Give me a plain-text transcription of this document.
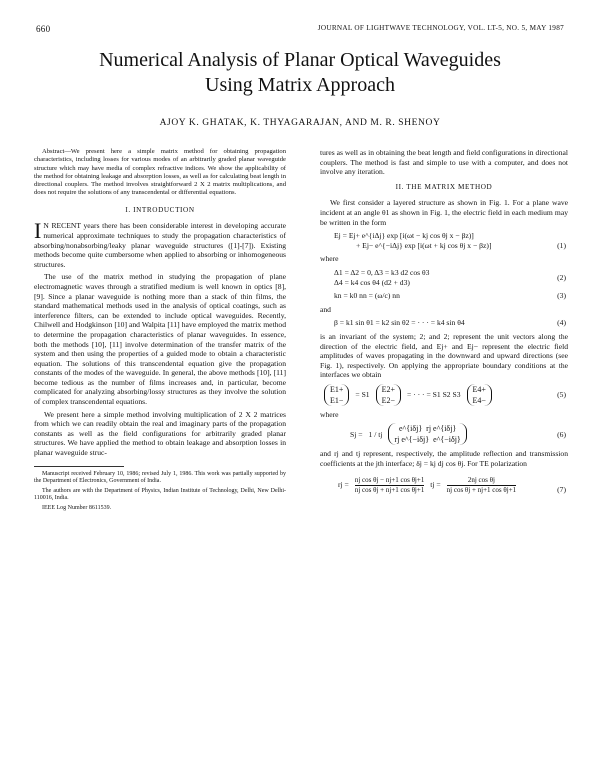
660	JOURNAL OF LIGHTWAVE TECHNOLOGY, VOL. LT-5, NO. 5, MAY 1987
Numerical Analysis of Planar Optical Waveguides
Using Matrix Approach
AJOY K. GHATAK, K. THYAGARAJAN, AND M. R. SHENOY

Abstract—We present here a simple matrix method for obtaining propagation characteristics, including losses for various modes of an arbitrarily graded planar waveguide structure which may have media of complex refractive indices. We show the applicability of the method for obtaining leakage and absorption losses, as well as for calculating beat length in directional couplers. The method involves straightforward 2 X 2 matrix multiplications, and does not require the solutions of any transcendental or differential equations.

I. INTRODUCTION

I N RECENT years there has been considerable interest in developing accurate numerical approximate techniques to study the propagation characteristics of absorbing/nonabsorbing/leaky planar waveguide structures ([1]-[7]). Existing methods become quite cumbersome when applied to absorbing or inhomogeneous structures.

The use of the matrix method in studying the propagation of plane electromagnetic waves through a stratified medium is well known in optics [8], [9]. Since a planar waveguide is nothing more than a stack of thin films, the standard mathematical methods used in the analysis of optical coatings, such as interference filters, can be extended to include optical waveguides. Recently, Chilwell and Hodgkinson [10] and Walpita [11] have employed the matrix method to determine the propagation characteristics of planar waveguides. In essence, both the methods [10], [11] involve determination of the transfer matrix of the system and then using the properties of a guided mode to obtain a characteristic equation. The solutions of this transcendental equation give the propagation constants of the modes of the waveguide. In general, the above methods [10], [11] become tedious as the number of films increases and, in particular, become complicated for analyzing absorbing/lossy structures as they involve the solution of complex transcendental equations.

We present here a simple method involving multiplication of 2 X 2 matrices from which we can readily obtain the real and imaginary parts of the propagation constants as well as the field configurations for arbitrarily graded planar structures. We have applied the method to obtain leakage and absorption losses in planar waveguide struc-

Manuscript received February 10, 1986; revised July 1, 1986. This work was partially supported by the Department of Electronics, Government of India.

The authors are with the Department of Physics, Indian Institute of Technology, Delhi, New Delhi-110016, India.

IEEE Log Number 8611539.

tures as well as in obtaining the beat length and field configurations in directional couplers. The method is fast and simple to use with a computer, and does not involve any iteration.

II. THE MATRIX METHOD

We first consider a layered structure as shown in Fig. 1. For a plane wave incident at an angle θ1 as shown in Fig. 1, the electric field in each medium may be written in the form

Ej = Ej+ e^{iΔj} exp [i(ωt − kj cos θj x − βz)]
+ Ej− e^{−iΔj} exp [i(ωt + kj cos θj x − βz)]	(1)

where

Δ1 = Δ2 = 0, Δ3 = k3 d2 cos θ3
Δ4 = k4 cos θ4 (d2 + d3)
(2)
kn = k0 nn = (ω/c) nn	(3)

and

β = k1 sin θ1 = k2 sin θ2 = · · · = k4 sin θ4	(4)

is an invariant of the system; 2; and 2; represent the unit vectors along the direction of the electric field, and Ej+ and Ej− represent the electric field amplitudes of waves propagating in the downward and upward directions (see Fig. 1), respectively. On applying the appropriate boundary conditions at the interfaces we obtain

E1+
E1−
= S1
E2+
E2−
= · · · = S1 S2 S3
E4+
E4−
(5)

where

Sj = 1 / tj
e^{iδj} rj e^{iδj}
rj e^{−iδj} e^{−iδj}
(6)

and rj and tj represent, respectively, the amplitude reflection and transmission coefficients at the jth interface; δj = kj dj cos θj. For TE polarization

rj = $\frac{\text{nj cos θj − nj+1 cos θj+1}}{\text{nj cos θj + nj+1 cos θj+1}}$
tj = $\frac{\text{2nj cos θj}}{\text{nj cos θj + nj+1 cos θj+1}}$	(7)
